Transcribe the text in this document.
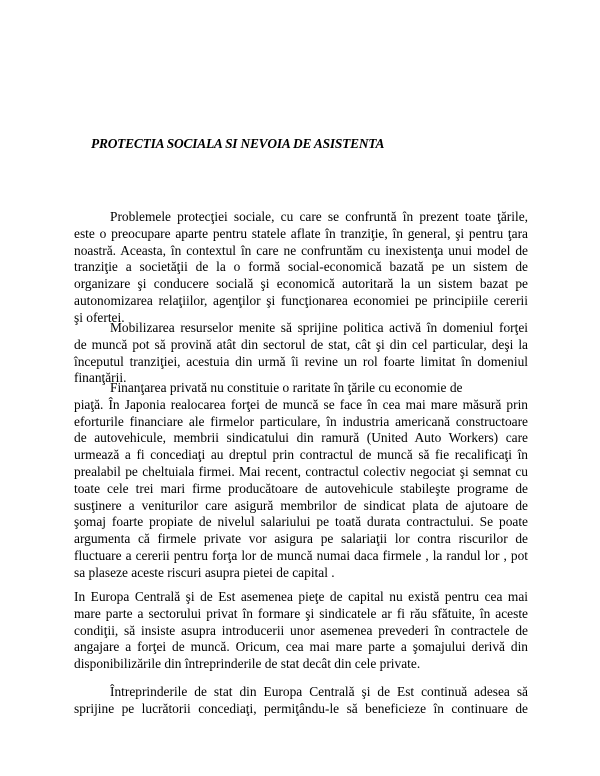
PROTECTIA SOCIALA SI NEVOIA DE ASISTENTA
Problemele protecţiei sociale, cu care se confruntă în prezent toate ţările,
este o preocupare aparte pentru statele aflate în tranziţie, în general, şi pentru ţara
noastră. Aceasta, în contextul în care ne confruntăm cu inexistenţa unui model de
tranziţie a societăţii de la o formă social-economică bazată pe un sistem de
organizare şi conducere socială şi economică autoritară la un sistem bazat pe
autonomizarea relaţiilor, agenţilor şi funcţionarea economiei pe principiile cererii
şi ofertei.
Mobilizarea resurselor menite să sprijine politica activă în domeniul forţei
de muncă pot să provină atât din sectorul de stat, cât şi din cel particular, deşi la
începutul tranziţiei, acestuia din urmă îi revine un rol foarte limitat în domeniul
finanţării.
Finanţarea privată nu constituie o raritate în ţările cu economie de
piaţă. În Japonia realocarea forţei de muncă se face în cea mai mare măsură prin
eforturile financiare ale firmelor particulare, în industria americană constructoare
de autovehicule, membrii sindicatului din ramură (United Auto Workers) care
urmează a fi concediaţi au dreptul prin contractul de muncă să fie recalificaţi în
prealabil pe cheltuiala firmei. Mai recent, contractul colectiv negociat şi semnat cu
toate cele trei mari firme producătoare de autovehicule stabileşte programe de
susţinere a veniturilor care asigură membrilor de sindicat plata de ajutoare de
şomaj foarte propiate de nivelul salariului pe toată durata contractului. Se poate
argumenta că firmele private vor asigura pe salariaţii lor contra riscurilor de
fluctuare a cererii pentru forţa lor de muncă numai daca firmele , la randul lor , pot
sa plaseze aceste riscuri asupra pietei de capital .
In Europa Centrală şi de Est asemenea pieţe de capital nu există pentru cea mai
mare parte a sectorului privat în formare şi sindicatele ar fi rău sfătuite, în aceste
condiţii, să insiste asupra introducerii unor asemenea prevederi în contractele de
angajare a forţei de muncă. Oricum, cea mai mare parte a şomajului derivă din
disponibilizările din întreprinderile de stat decât din cele private.
Întreprinderile de stat din Europa Centrală şi de Est continuă adesea să
sprijine pe lucrătorii concediaţi, permiţându-le să beneficieze în continuare de
